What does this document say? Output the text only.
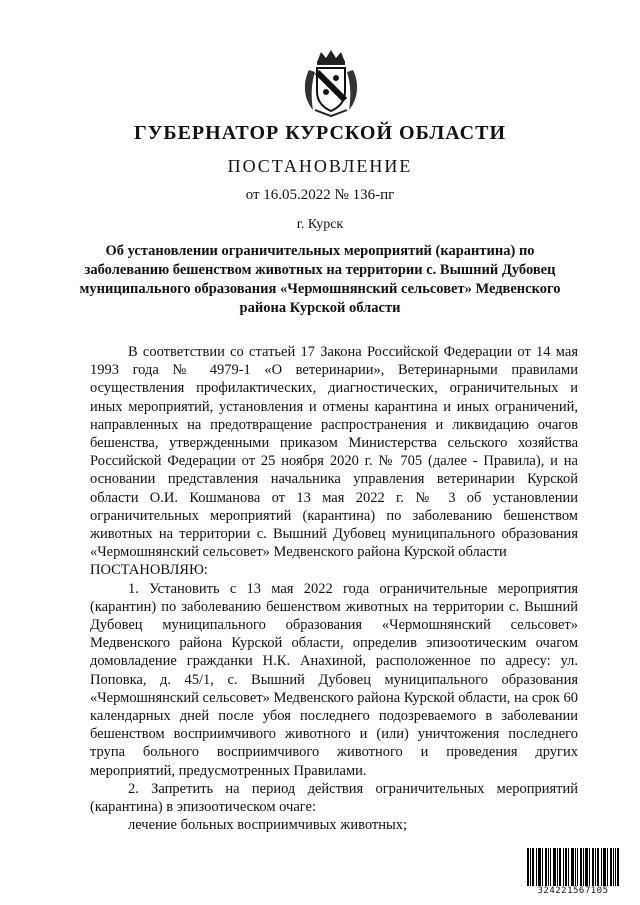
ГУБЕРНАТОР КУРСКОЙ ОБЛАСТИ
ПОСТАНОВЛЕНИЕ
от 16.05.2022 № 136-пг
г. Курск
Об установлении ограничительных мероприятий (карантина) по заболеванию бешенством животных на территории с. Вышний Дубовец муниципального образования «Чермошнянский сельсовет» Медвенского района Курской области

В соответствии со статьей 17 Закона Российской Федерации от 14 мая 1993 года № 4979-1 «О ветеринарии», Ветеринарными правилами осуществления профилактических, диагностических, ограничительных и иных мероприятий, установления и отмены карантина и иных ограничений, направленных на предотвращение распространения и ликвидацию очагов бешенства, утвержденными приказом Министерства сельского хозяйства Российской Федерации от 25 ноября 2020 г. № 705 (далее - Правила), и на основании представления начальника управления ветеринарии Курской области О.И. Кошманова от 13 мая 2022 г. № 3 об установлении ограничительных мероприятий (карантина) по заболеванию бешенством животных на территории с. Вышний Дубовец муниципального образования «Чермошнянский сельсовет» Медвенского района Курской области

ПОСТАНОВЛЯЮ:

1. Установить с 13 мая 2022 года ограничительные мероприятия (карантин) по заболеванию бешенством животных на территории с. Вышний Дубовец муниципального образования «Чермошнянский сельсовет» Медвенского района Курской области, определив эпизоотическим очагом домовладение гражданки Н.К. Анахиной, расположенное по адресу: ул. Поповка, д. 45/1, с. Вышний Дубовец муниципального образования «Чермошнянский сельсовет» Медвенского района Курской области, на срок 60 календарных дней после убоя последнего подозреваемого в заболевании бешенством восприимчивого животного и (или) уничтожения последнего трупа больного восприимчивого животного и проведения других мероприятий, предусмотренных Правилами.

2. Запретить на период действия ограничительных мероприятий (карантина) в эпизоотическом очаге:

лечение больных восприимчивых животных;

324221567105
